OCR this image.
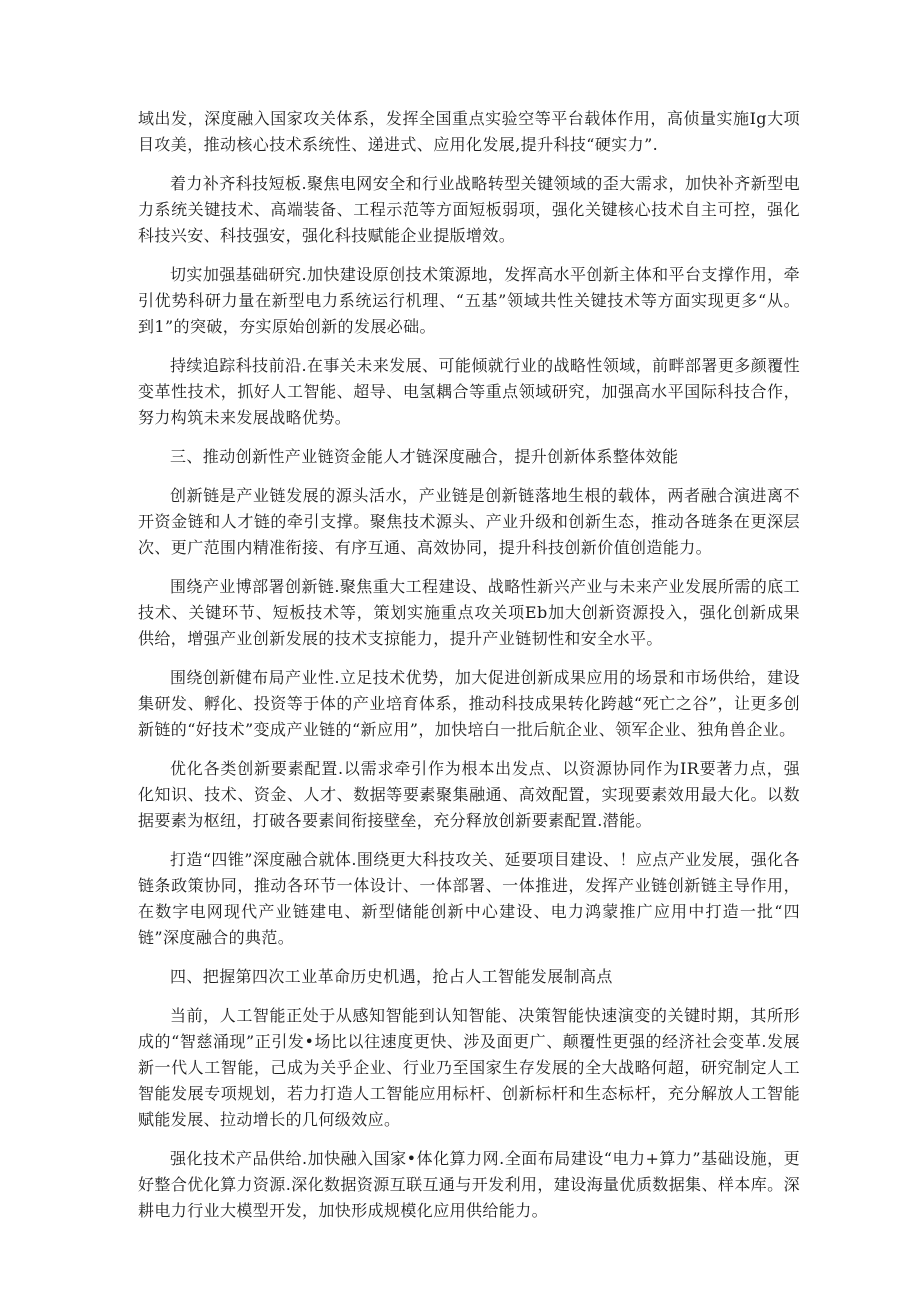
域出发，深度融入国家攻关体系，发挥全国重点实验空等平台载体作用，高侦量实施Ig大项目攻美，推动核心技术系统性、递进式、应用化发展,提升科技“硬实力”.

着力补齐科技短板.聚焦电网安全和行业战略转型关键领域的歪大需求，加快补齐新型电力系统关键技术、高端装备、工程示范等方面短板弱项，强化关键核心技术自主可控，强化科技兴安、科技强安，强化科技赋能企业提版增效。

切实加强基础研究.加快建设原创技术策源地，发挥高水平创新主体和平台支撑作用，牵引优势科研力量在新型电力系统运行机理、“五基”领域共性关键技术等方面实现更多“从。到1”的突破，夯实原始创新的发展必础。

持续追踪科技前沿.在事关未来发展、可能倾就行业的战略性领域，前畔部署更多颜覆性变革性技术，抓好人工智能、超导、电氢耦合等重点领域研究，加强高水平国际科技合作，努力构筑未来发展战略优势。

三、推动创新性产业链资金能人才链深度融合，提升创新体系整体效能

创新链是产业链发展的源头活水，产业链是创新链落地生根的载体，两者融合演进离不开资金链和人才链的牵引支撑。聚焦技术源头、产业升级和创新生态，推动各琏条在更深层次、更广范围内精准衔接、有序互通、高效协同，提升科技创新价值创造能力。

围绕产业博部署创新链.聚焦重大工程建设、战略性新兴产业与未来产业发展所需的底工技术、关键环节、短板技术等，策划实施重点攻关项Eb加大创新资源投入，强化创新成果供给，增强产业创新发展的技术支掠能力，提升产业链韧性和安全水平。

围绕创新健布局产业性.立足技术优势，加大促进创新成果应用的场景和市场供给，建设集研发、孵化、投资等于体的产业培育体系，推动科技成果转化跨越“死亡之谷”，让更多创新链的“好技术”变成产业链的“新应用”，加快培白一批后航企业、领军企业、独角兽企业。

优化各类创新要素配置.以需求牵引作为根本出发点、以资源协同作为IR要著力点，强化知识、技术、资金、人才、数据等要素聚集融通、高效配置，实现要素效用最大化。以数据要素为枢纽，打破各要素间衔接壁垒，充分释放创新要素配置.潜能。

打造“四锥”深度融合就体.围绕更大科技攻关、延要项目建设、！应点产业发展，强化各链条政策协同，推动各环节一体设计、一体部署、一体推进，发挥产业链创新链主导作用，在数字电网现代产业链建电、新型储能创新中心建设、电力鸿蒙推广应用中打造一批“四链”深度融合的典范。

四、把握第四次工业革命历史机遇，抢占人工智能发展制高点

当前，人工智能正处于从感知智能到认知智能、决策智能快速演变的关键时期，其所形成的“智慈涌现”正引发•场比以往速度更快、涉及面更广、颠覆性更强的经济社会变革.发展新一代人工智能，己成为关乎企业、行业乃至国家生存发展的全大战略何超，研究制定人工智能发展专项规划，若力打造人工智能应用标杆、创新标杆和生态标杆，充分解放人工智能赋能发展、拉动增长的几何级效应。

强化技术产品供给.加快融入国家•体化算力网.全面布局建设“电力+算力”基础设施，更好整合优化算力资源.深化数据资源互联互通与开发利用，建设海量优质数据集、样本库。深耕电力行业大模型开发，加快形成规模化应用供给能力。
